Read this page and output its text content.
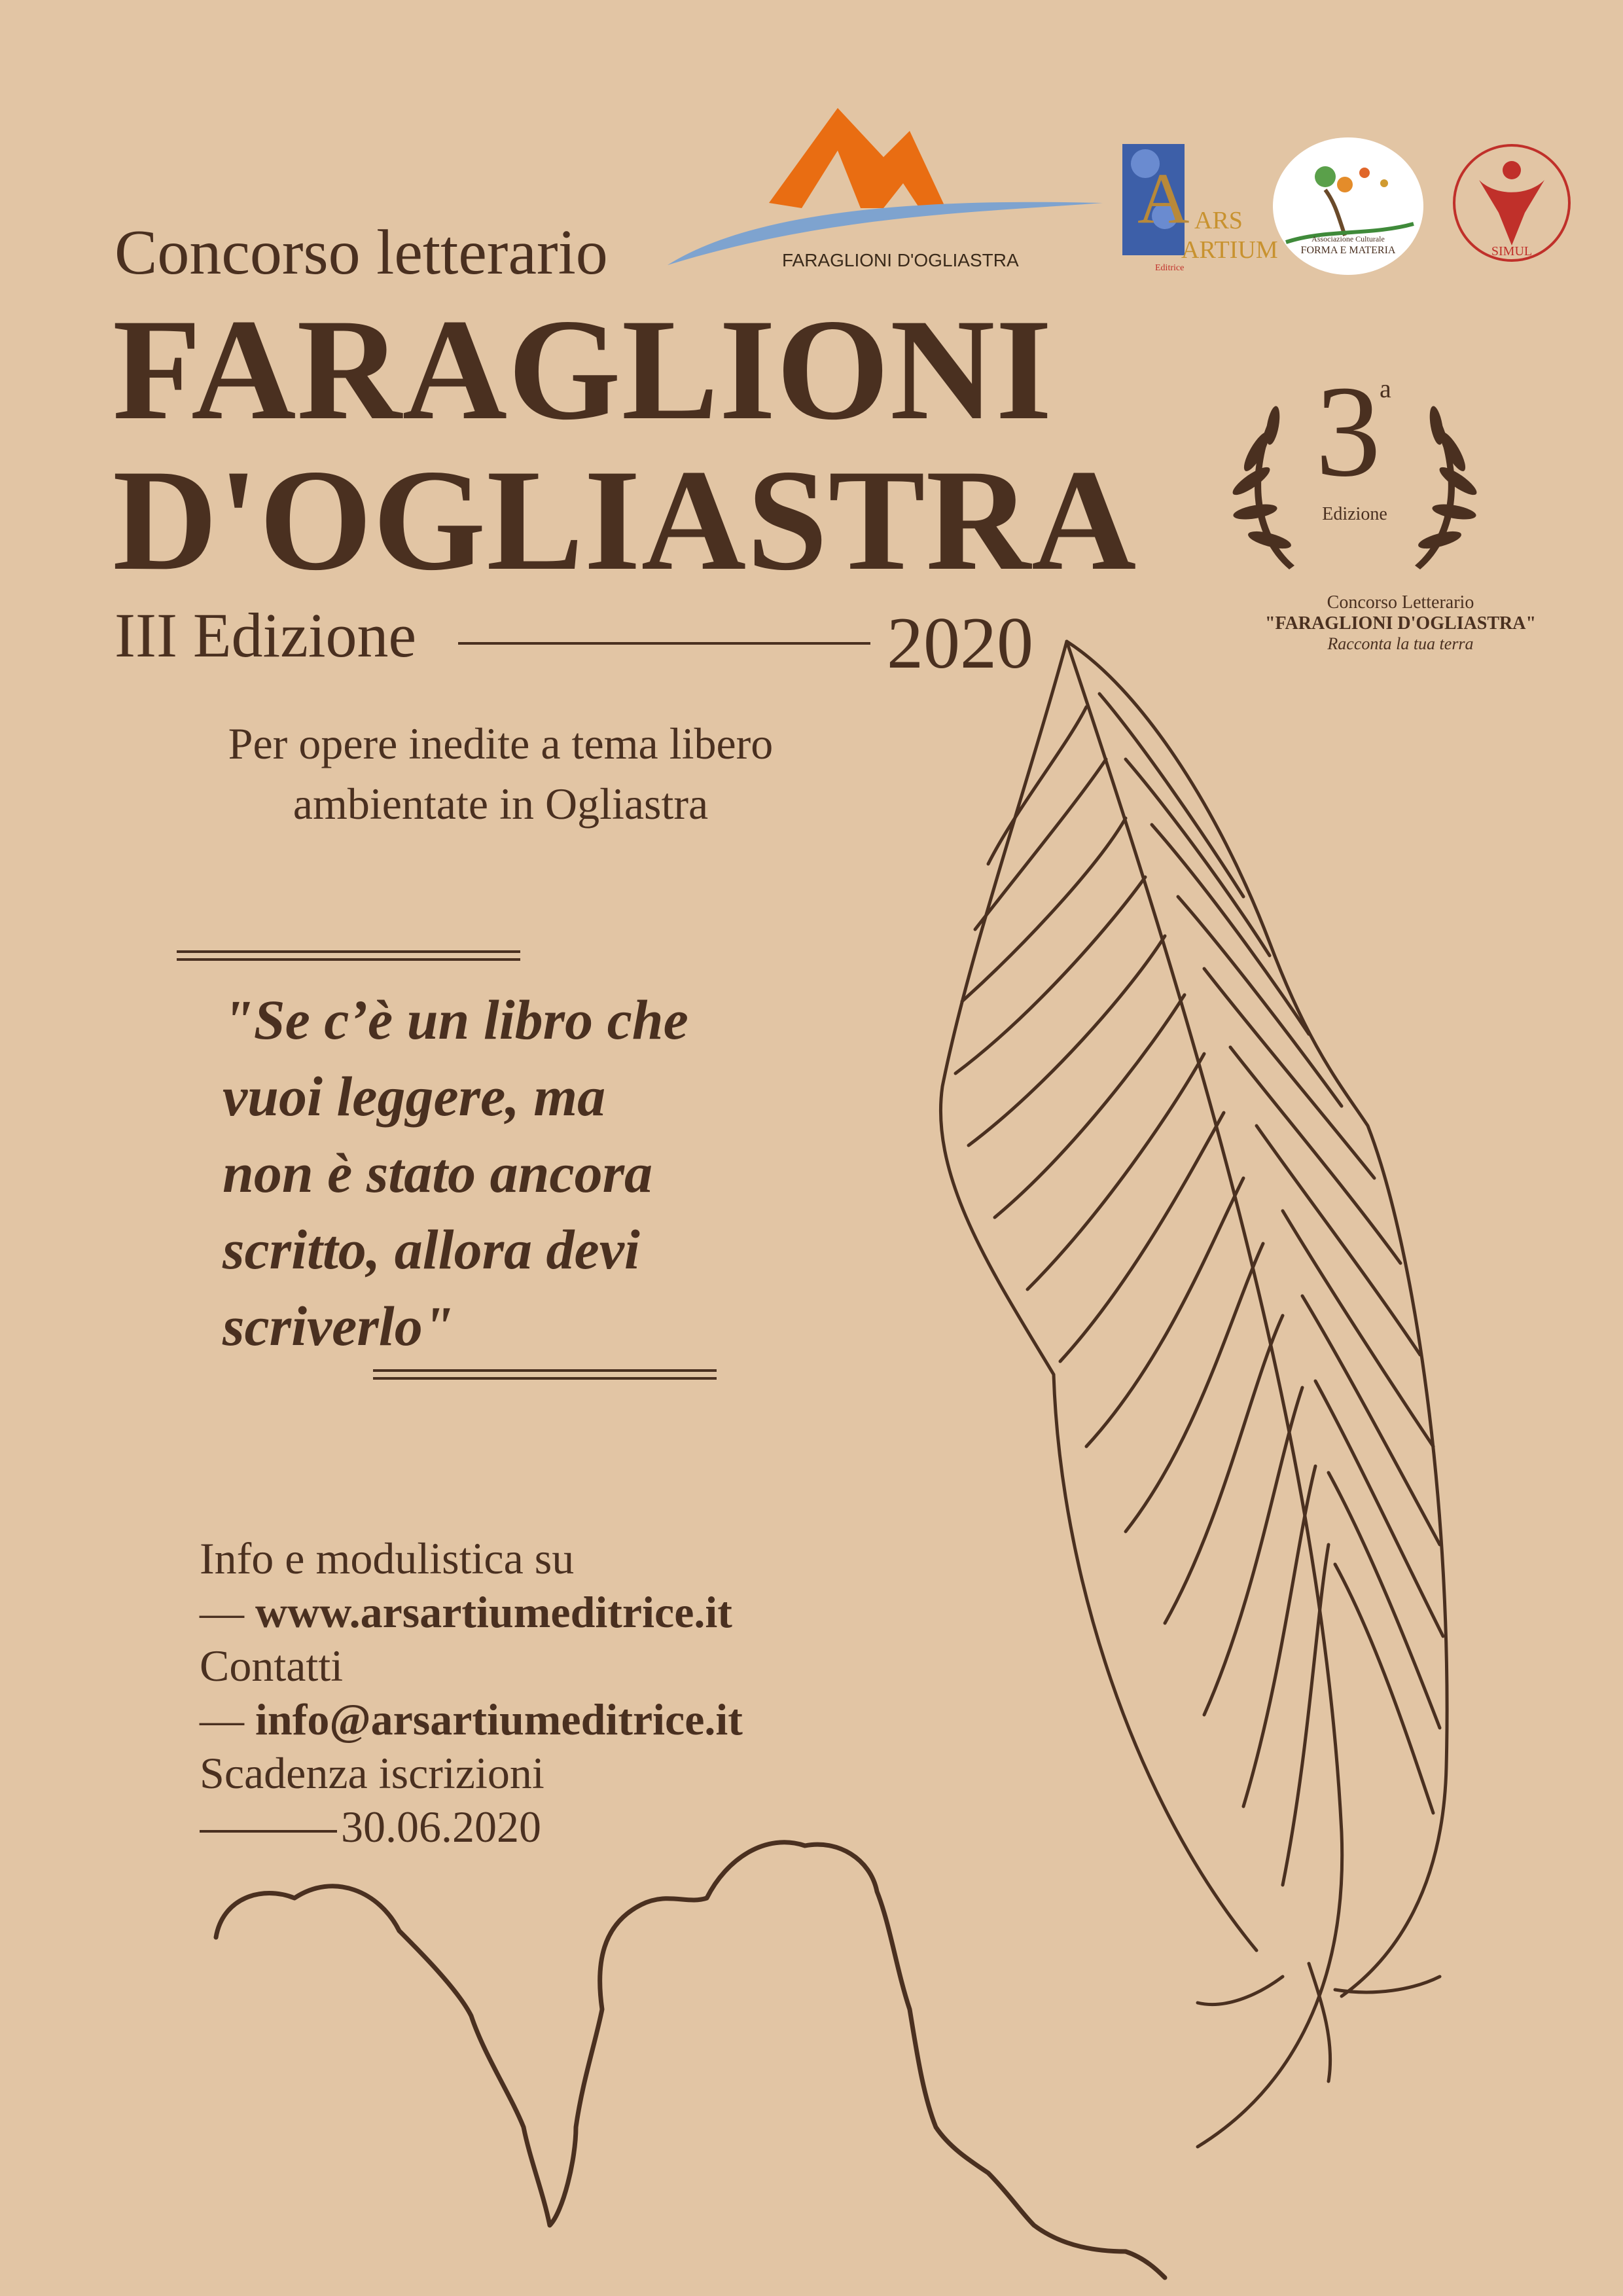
FARAGLIONI D'OGLIASTRA
A ARS
ARTIUM
Editrice
Associazione Culturale
FORMA E MATERIA	SIMUL
Concorso letterario
FARAGLIONI
D'OGLIASTRA
III Edizione	2020
3
a
Edizione
Concorso Letterario
"FARAGLIONI D'OGLIASTRA"
Racconta la tua terra
Per opere inedite a tema libero
ambientate in Ogliastra
"Se c’è un libro che
vuoi leggere, ma
non è stato ancora
scritto, allora devi
scriverlo"
Info e modulistica su
— www.arsartiumeditrice.it
Contatti
— info@arsartiumeditrice.it
Scadenza iscrizioni
30.06.2020
